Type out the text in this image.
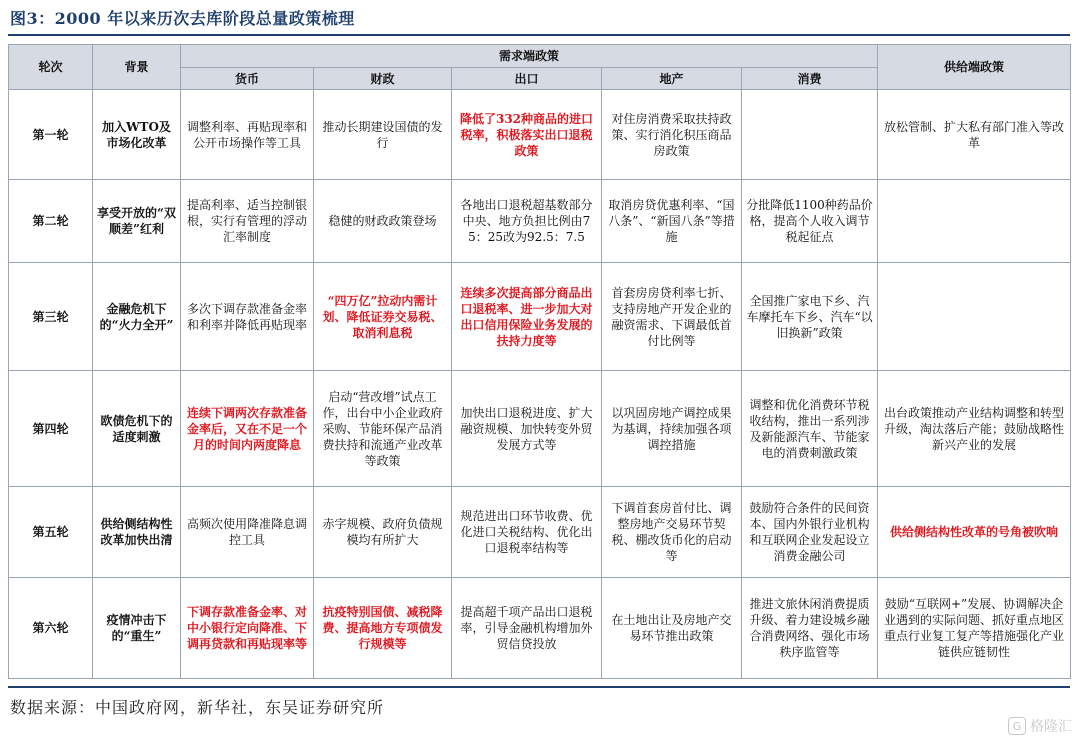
图3：2000 年以来历次去库阶段总量政策梳理
轮次	背景	需求端政策					供给端政策
		货币	财政	出口	地产	消费	
第一轮	加入WTO及市场化改革	调整利率、再贴现率和公开市场操作等工具	推动长期建设国债的发行	降低了332种商品的进口税率，积极落实出口退税政策	对住房消费采取扶持政策、实行消化积压商品房政策		放松管制、扩大私有部门准入等改革
第二轮	享受开放的“双顺差”红利	提高利率、适当控制银根，实行有管理的浮动汇率制度	稳健的财政政策登场	各地出口退税超基数部分中央、地方负担比例由75：25改为92.5：7.5	取消房贷优惠利率、“国八条”、“新国八条”等措施	分批降低1100种药品价格，提高个人收入调节税起征点	
第三轮	金融危机下的“火力全开”	多次下调存款准备金率和利率并降低再贴现率	“四万亿”拉动内需计划、降低证券交易税、取消利息税	连续多次提高部分商品出口退税率、进一步加大对出口信用保险业务发展的扶持力度等	首套房房贷利率七折、支持房地产开发企业的融资需求、下调最低首付比例等	全国推广家电下乡、汽车摩托车下乡、汽车“以旧换新”政策	
第四轮	欧债危机下的适度刺激	连续下调两次存款准备金率后，又在不足一个月的时间内两度降息	启动“营改增”试点工作，出台中小企业政府采购、节能环保产品消费扶持和流通产业改革等政策	加快出口退税进度、扩大融资规模、加快转变外贸发展方式等	以巩固房地产调控成果为基调，持续加强各项调控措施	调整和优化消费环节税收结构，推出一系列涉及新能源汽车、节能家电的消费刺激政策	出台政策推动产业结构调整和转型升级，淘汰落后产能；鼓励战略性新兴产业的发展
第五轮	供给侧结构性改革加快出清	高频次使用降准降息调控工具	赤字规模、政府负债规模均有所扩大	规范进出口环节收费、优化进口关税结构、优化出口退税率结构等	下调首套房首付比、调整房地产交易环节契税、棚改货币化的启动等	鼓励符合条件的民间资本、国内外银行业机构和互联网企业发起设立消费金融公司	供给侧结构性改革的号角被吹响
第六轮	疫情冲击下的“重生”	下调存款准备金率、对中小银行定向降准、下调再贷款和再贴现率等	抗疫特别国债、减税降费、提高地方专项债发行规模等	提高超千项产品出口退税率，引导金融机构增加外贸信贷投放	在土地出让及房地产交易环节推出政策	推进文旅休闲消费提质升级、着力建设城乡融合消费网络、强化市场秩序监管等	鼓励“互联网+”发展、协调解决企业遇到的实际问题、抓好重点地区重点行业复工复产等措施强化产业链供应链韧性
数据来源：中国政府网，新华社，东吴证券研究所
G 格隆汇
